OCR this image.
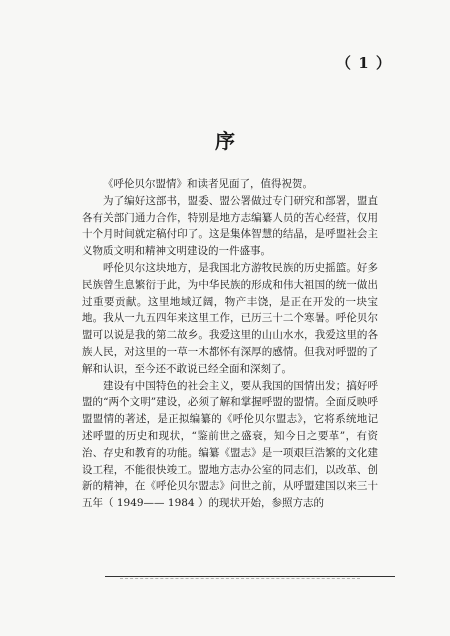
（ 1 ）
序

《呼伦贝尔盟情》和读者见面了，值得祝贺。

为了编好这部书，盟委、盟公署做过专门研究和部署，盟直各有关部门通力合作，特别是地方志编纂人员的苦心经营，仅用十个月时间就定稿付印了。这是集体智慧的结晶，是呼盟社会主义物质文明和精神文明建设的一件盛事。

呼伦贝尔这块地方，是我国北方游牧民族的历史摇篮。好多民族曾生息繁衍于此，为中华民族的形成和伟大祖国的统一做出过重要贡献。这里地域辽阔，物产丰饶，是正在开发的一块宝地。我从一九五四年来这里工作，已历三十二个寒暑。呼伦贝尔盟可以说是我的第二故乡。我爱这里的山山水水，我爱这里的各族人民，对这里的一草一木都怀有深厚的感情。但我对呼盟的了解和认识，至今还不敢说已经全面和深刻了。

建设有中国特色的社会主义，要从我国的国情出发；搞好呼盟的“两个文明”建设，必须了解和掌握呼盟的盟情。全面反映呼盟盟情的著述，是正拟编纂的《呼伦贝尔盟志》，它将系统地记述呼盟的历史和现状，“鉴前世之盛衰，知今日之要革”，有资治、存史和教育的功能。编纂《盟志》是一项艰巨浩繁的文化建设工程，不能很快竣工。盟地方志办公室的同志们，以改革、创新的精神，在《呼伦贝尔盟志》问世之前，从呼盟建国以来三十五年（ 1949—— 1984 ）的现状开始，参照方志的
